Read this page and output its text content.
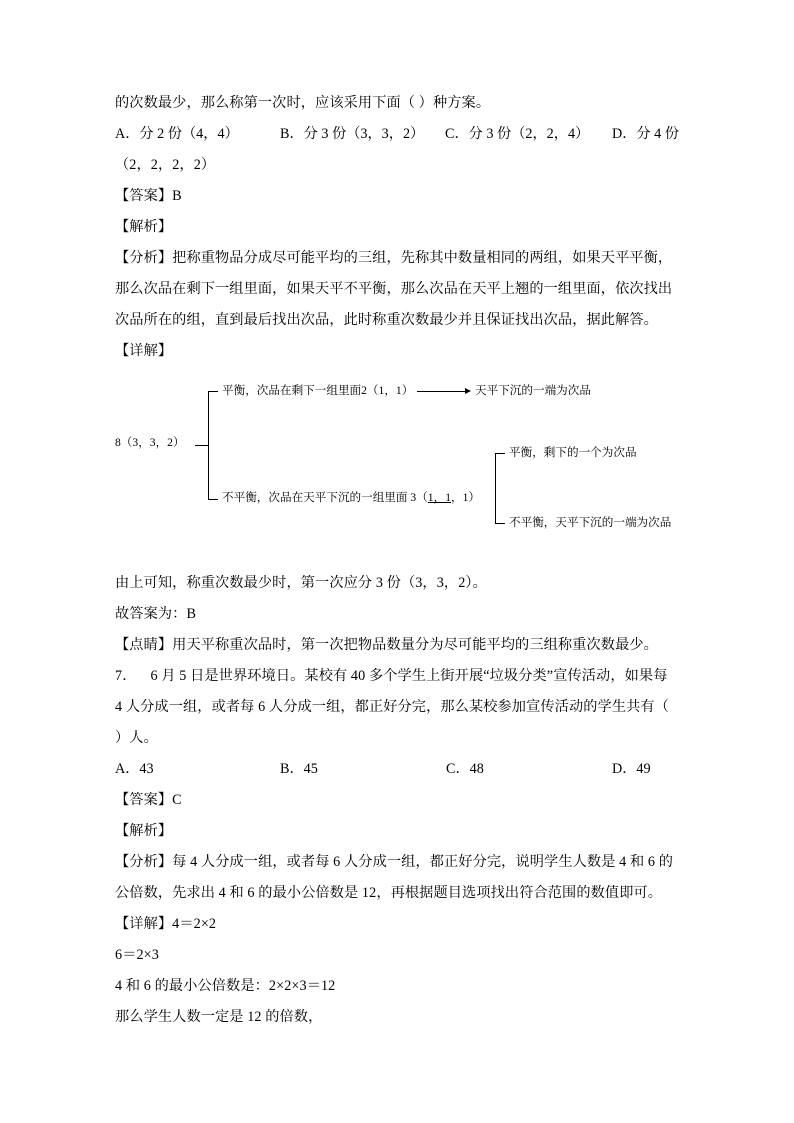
的次数最少，那么称第一次时，应该采用下面（ ）种方案。
A．分 2 份（4，4）	B．分 3 份（3，3，2） C．分 3 份（2，2，4） D．分 4 份
（2，2，2，2）
【答案】B
【解析】
【分析】把称重物品分成尽可能平均的三组，先称其中数量相同的两组，如果天平平衡，那么次品在剩下一组里面，如果天平不平衡，那么次品在天平上翘的一组里面，依次找出次品所在的组，直到最后找出次品，此时称重次数最少并且保证找出次品，据此解答。
【详解】
8（3，3，2）
平衡，次品在剩下一组里面2（1，1）	天平下沉的一端为次品
不平衡，次品在天平下沉的一组里面 3（1，1，1）
平衡，剩下的一个为次品
不平衡，天平下沉的一端为次品
由上可知，称重次数最少时，第一次应分 3 份（3，3，2）。
故答案为：B
【点睛】用天平称重次品时，第一次把物品数量分为尽可能平均的三组称重次数最少。
7． 6 月 5 日是世界环境日。某校有 40 多个学生上街开展“垃圾分类”宣传活动，如果每
4 人分成一组，或者每 6 人分成一组，都正好分完，那么某校参加宣传活动的学生共有（
）人。
A．43	B．45	C．48	D．49
【答案】C
【解析】
【分析】每 4 人分成一组，或者每 6 人分成一组，都正好分完，说明学生人数是 4 和 6 的公倍数，先求出 4 和 6 的最小公倍数是 12，再根据题目选项找出符合范围的数值即可。
【详解】4＝2×2
6＝2×3
4 和 6 的最小公倍数是：2×2×3＝12
那么学生人数一定是 12 的倍数，
